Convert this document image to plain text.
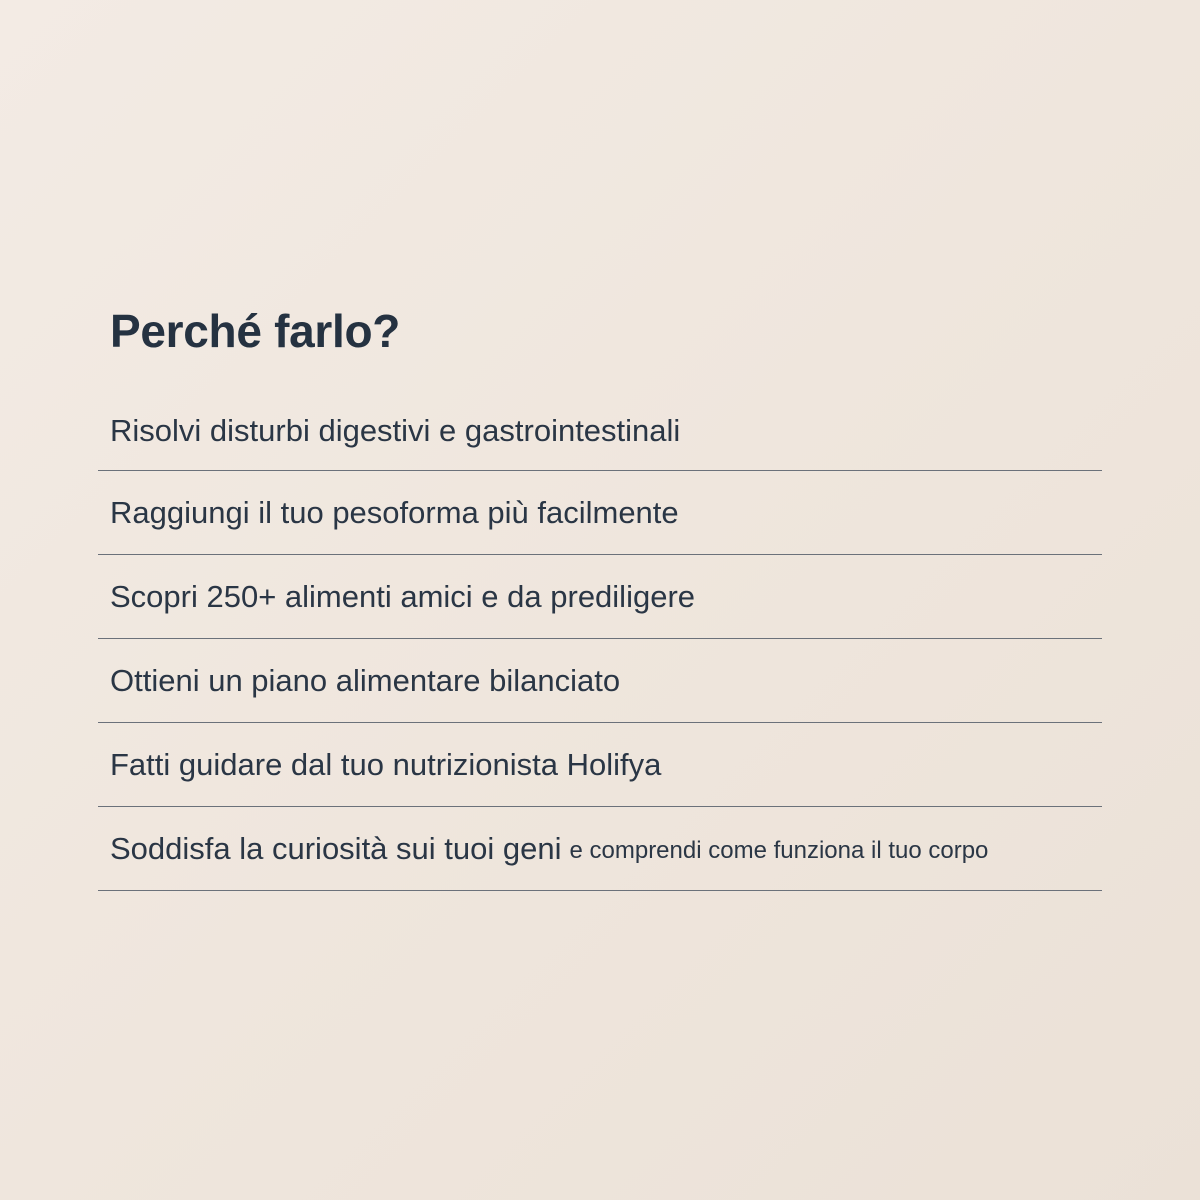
Perché farlo?
Risolvi disturbi digestivi e gastrointestinali
Raggiungi il tuo pesoforma più facilmente
Scopri 250+ alimenti amici e da prediligere
Ottieni un piano alimentare bilanciato
Fatti guidare dal tuo nutrizionista Holifya
Soddisfa la curiosità sui tuoi geni e comprendi come funziona il tuo corpo
